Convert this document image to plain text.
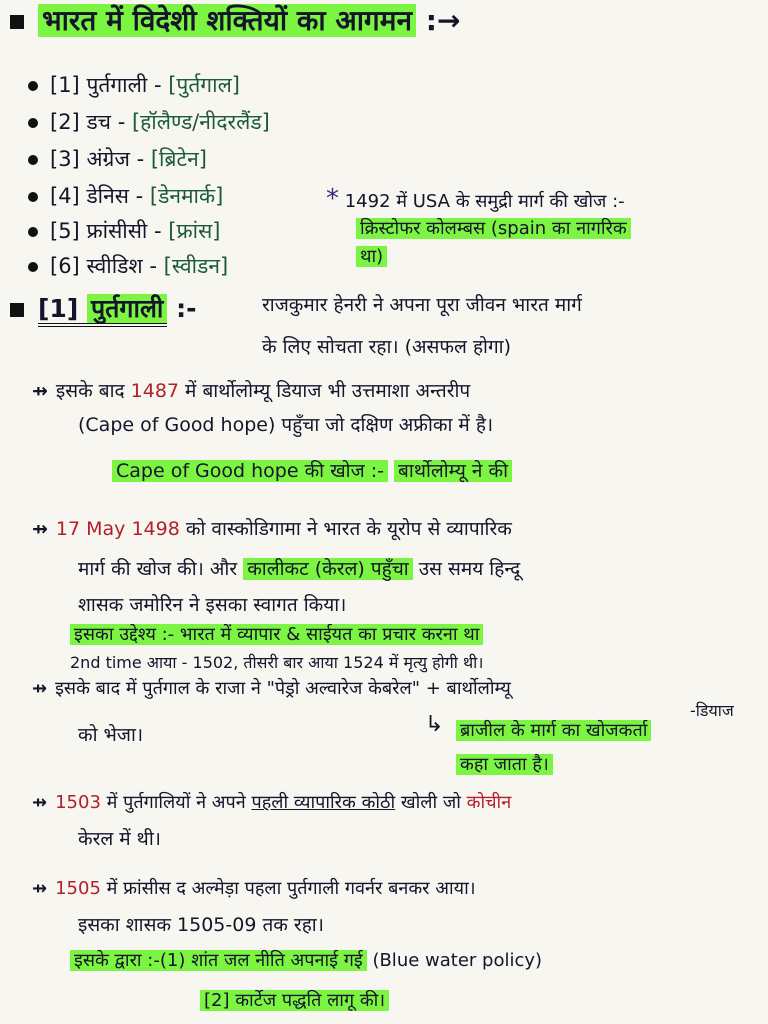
भारत में विदेशी शक्तियों का आगमन :→
[1] पुर्तगाली - [पुर्तगाल]
[2] डच - [हॉलैण्ड/नीदरलैंड]
[3] अंग्रेज - [ब्रिटेन]
[4] डेनिस - [डेनमार्क]
[5] फ्रांसीसी - [फ्रांस]
[6] स्वीडिश - [स्वीडन]
* 1492 में USA के समुद्री मार्ग की खोज :-
क्रिस्टोफर कोलम्बस (spain का नागरिक
था)
[1] पुर्तगाली :-	राजकुमार हेनरी ने अपना पूरा जीवन भारत मार्ग
के लिए सोचता रहा। (असफल होगा)
⇸ इसके बाद 1487 में बार्थोलोम्यू डियाज भी उत्तमाशा अन्तरीप
(Cape of Good hope) पहुँचा जो दक्षिण अफ्रीका में है।
Cape of Good hope की खोज :- बार्थोलोम्यू ने की
⇸ 17 May 1498 को वास्कोडिगामा ने भारत के यूरोप से व्यापारिक
मार्ग की खोज की। और कालीकट (केरल) पहुँचा उस समय हिन्दू
शासक जमोरिन ने इसका स्वागत किया।
इसका उद्देश्य :- भारत में व्यापार & साईयत का प्रचार करना था
2nd time आया - 1502, तीसरी बार आया 1524 में मृत्यु होगी थी।
⇸ इसके बाद में पुर्तगाल के राजा ने "पेड्रो अल्वारेज केबरेल" + बार्थोलोम्यू
-डियाज
को भेजा।	↳ ब्राजील के मार्ग का खोजकर्ता
कहा जाता है।
⇸ 1503 में पुर्तगालियों ने अपने पहली व्यापारिक कोठी खोली जो कोचीन
केरल में थी।
⇸ 1505 में फ्रांसीस द अल्मेड़ा पहला पुर्तगाली गवर्नर बनकर आया।
इसका शासक 1505-09 तक रहा।
इसके द्वारा :-(1) शांत जल नीति अपनाई गई (Blue water policy)
[2] कार्टेज पद्धति लागू की।
